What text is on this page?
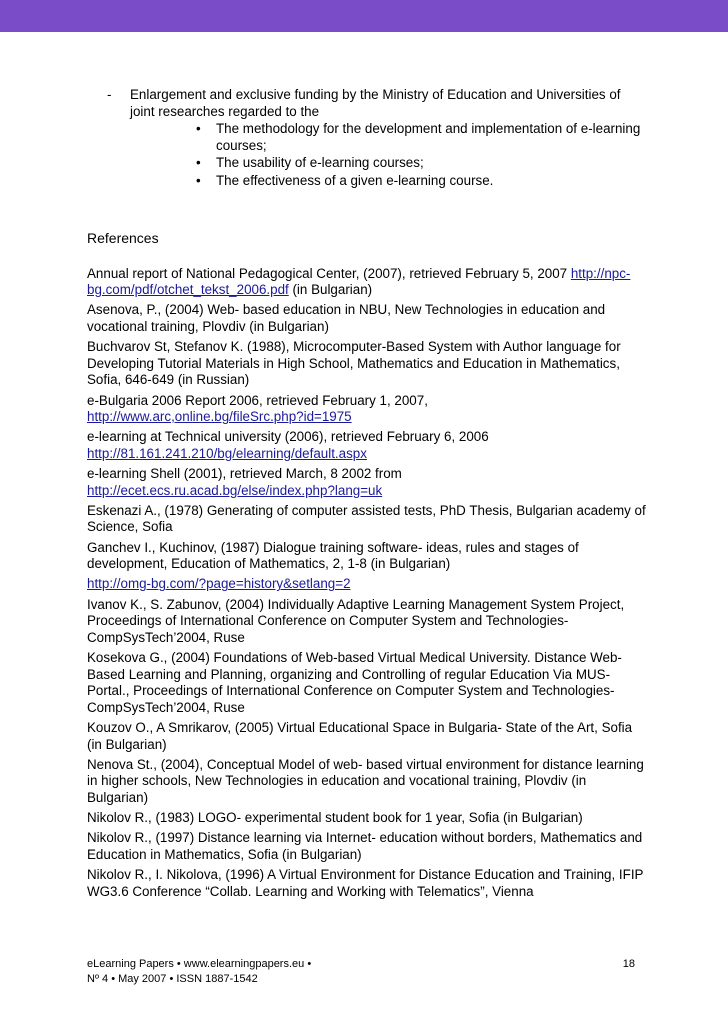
- Enlargement and exclusive funding by the Ministry of Education and Universities of joint researches regarded to the
• The methodology for the development and implementation of e-learning courses;
• The usability of e-learning courses;
• The effectiveness of a given e-learning course.
References

Annual report of National Pedagogical Center, (2007), retrieved February 5, 2007 http://npc-bg.com/pdf/otchet_tekst_2006.pdf (in Bulgarian)

Asenova, P., (2004) Web- based education in NBU, New Technologies in education and vocational training, Plovdiv (in Bulgarian)

Buchvarov St, Stefanov K. (1988), Microcomputer-Based System with Author language for Developing Tutorial Materials in High School, Mathematics and Education in Mathematics, Sofia, 646-649 (in Russian)

e-Bulgaria 2006 Report 2006, retrieved February 1, 2007, http://www.arc,online.bg/fileSrc.php?id=1975

e-learning at Technical university (2006), retrieved February 6, 2006 http://81.161.241.210/bg/elearning/default.aspx

e-learning Shell (2001), retrieved March, 8 2002 from http://ecet.ecs.ru.acad.bg/else/index.php?lang=uk

Eskenazi A., (1978) Generating of computer assisted tests, PhD Thesis, Bulgarian academy of Science, Sofia

Ganchev I., Kuchinov, (1987) Dialogue training software- ideas, rules and stages of development, Education of Mathematics, 2, 1-8 (in Bulgarian)

http://omg-bg.com/?page=history&setlang=2

Ivanov K., S. Zabunov, (2004) Individually Adaptive Learning Management System Project, Proceedings of International Conference on Computer System and Technologies-CompSysTech’2004, Ruse

Kosekova G., (2004) Foundations of Web-based Virtual Medical University. Distance Web-Based Learning and Planning, organizing and Controlling of regular Education Via MUS-Portal., Proceedings of International Conference on Computer System and Technologies-CompSysTech’2004, Ruse

Kouzov O., A Smrikarov, (2005) Virtual Educational Space in Bulgaria- State of the Art, Sofia (in Bulgarian)

Nenova St., (2004), Conceptual Model of web- based virtual environment for distance learning in higher schools, New Technologies in education and vocational training, Plovdiv (in Bulgarian)

Nikolov R., (1983) LOGO- experimental student book for 1 year, Sofia (in Bulgarian)

Nikolov R., (1997) Distance learning via Internet- education without borders, Mathematics and Education in Mathematics, Sofia (in Bulgarian)

Nikolov R., I. Nikolova, (1996) A Virtual Environment for Distance Education and Training, IFIP WG3.6 Conference “Collab. Learning and Working with Telematics”, Vienna

eLearning Papers • www.elearningpapers.eu •
Nº 4 • May 2007 • ISSN 1887-1542
18
